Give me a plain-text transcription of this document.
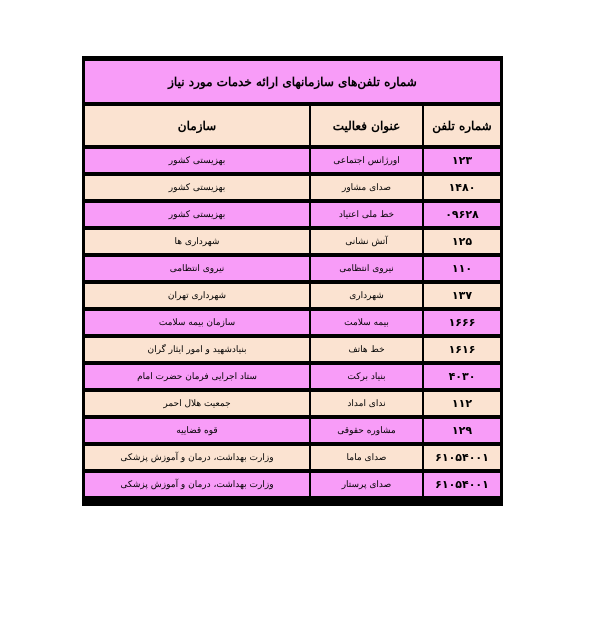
شماره تلفن‌های سازمانهای ارائه خدمات مورد نیاز		
شماره تلفن	عنوان فعالیت	سازمان
۱۲۳	اورژانس اجتماعی	بهزیستی کشور
۱۴۸۰	صدای مشاور	بهزیستی کشور
۰۹۶۲۸	خط ملی اعتیاد	بهزیستی کشور
۱۲۵	آتش نشانی	شهرداری ها
۱۱۰	نیروی انتظامی	نیروی انتظامی
۱۳۷	شهرداری	شهرداری تهران
۱۶۶۶	بیمه سلامت	سازمان بیمه سلامت
۱۶۱۶	خط هاتف	بنیادشهید و امور ایثار گران
۴۰۳۰	بنیاد برکت	ستاد اجرایی فرمان حضرت امام
۱۱۲	ندای امداد	جمعیت هلال احمر
۱۲۹	مشاوره حقوقی	قوه قضاییه
۶۱۰۵۴۰۰۱	صدای ماما	وزارت بهداشت، درمان و آموزش پزشکی
۶۱۰۵۴۰۰۱	صدای پرستار	وزارت بهداشت، درمان و آموزش پزشکی
